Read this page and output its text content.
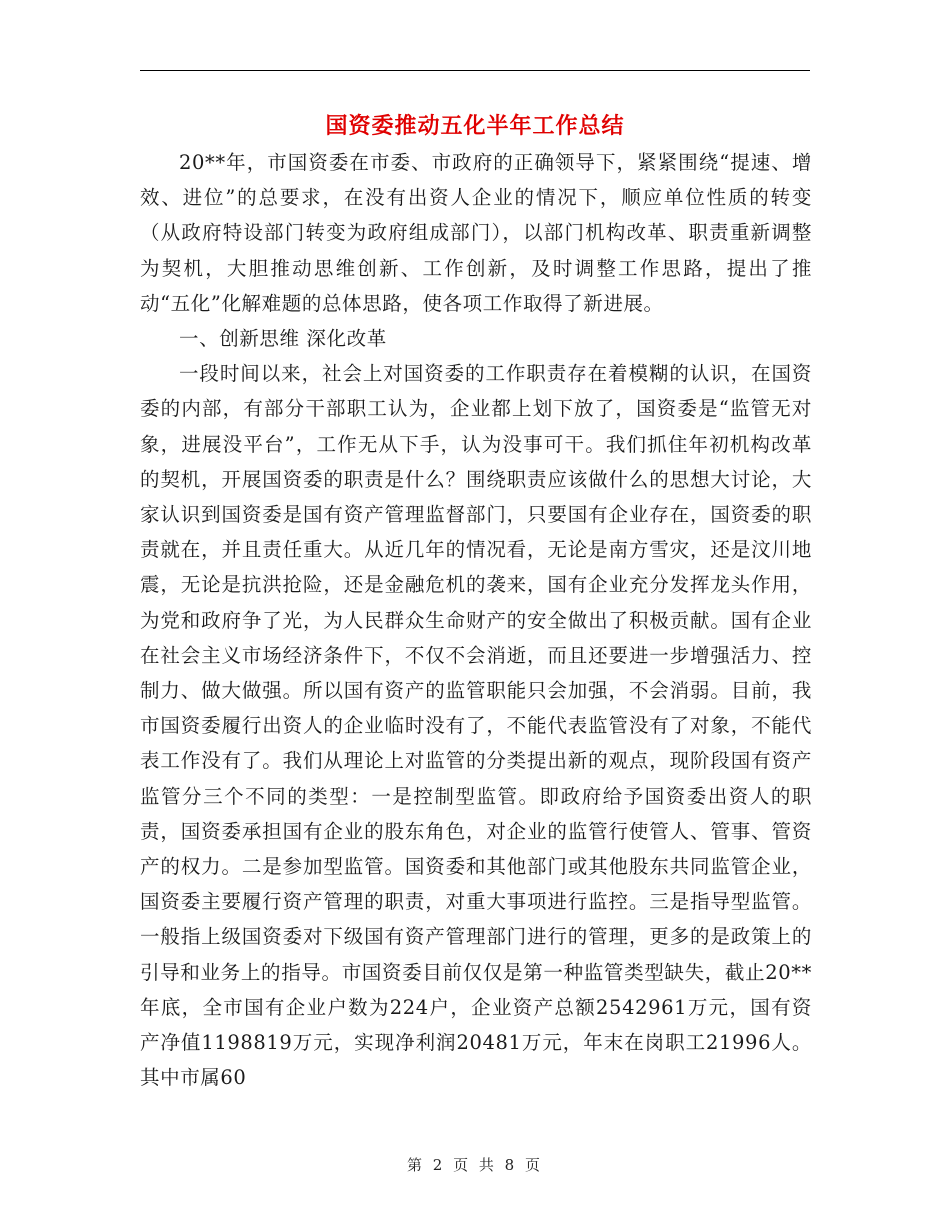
国资委推动五化半年工作总结

20**年，市国资委在市委、市政府的正确领导下，紧紧围绕“提速、增效、进位”的总要求，在没有出资人企业的情况下，顺应单位性质的转变（从政府特设部门转变为政府组成部门），以部门机构改革、职责重新调整为契机，大胆推动思维创新、工作创新，及时调整工作思路，提出了推动“五化”化解难题的总体思路，使各项工作取得了新进展。

一、创新思维 深化改革

一段时间以来，社会上对国资委的工作职责存在着模糊的认识，在国资委的内部，有部分干部职工认为，企业都上划下放了，国资委是“监管无对象，进展没平台”，工作无从下手，认为没事可干。我们抓住年初机构改革的契机，开展国资委的职责是什么？围绕职责应该做什么的思想大讨论，大家认识到国资委是国有资产管理监督部门，只要国有企业存在，国资委的职责就在，并且责任重大。从近几年的情况看，无论是南方雪灾，还是汶川地震，无论是抗洪抢险，还是金融危机的袭来，国有企业充分发挥龙头作用，为党和政府争了光，为人民群众生命财产的安全做出了积极贡献。国有企业在社会主义市场经济条件下，不仅不会消逝，而且还要进一步增强活力、控制力、做大做强。所以国有资产的监管职能只会加强，不会消弱。目前，我市国资委履行出资人的企业临时没有了，不能代表监管没有了对象，不能代表工作没有了。我们从理论上对监管的分类提出新的观点，现阶段国有资产监管分三个不同的类型：一是控制型监管。即政府给予国资委出资人的职责，国资委承担国有企业的股东角色，对企业的监管行使管人、管事、管资产的权力。二是参加型监管。国资委和其他部门或其他股东共同监管企业，国资委主要履行资产管理的职责，对重大事项进行监控。三是指导型监管。一般指上级国资委对下级国有资产管理部门进行的管理，更多的是政策上的引导和业务上的指导。市国资委目前仅仅是第一种监管类型缺失，截止20**年底，全市国有企业户数为224户，企业资产总额2542961万元，国有资产净值1198819万元，实现净利润20481万元，年末在岗职工21996人。其中市属60

第 2 页 共 8 页
